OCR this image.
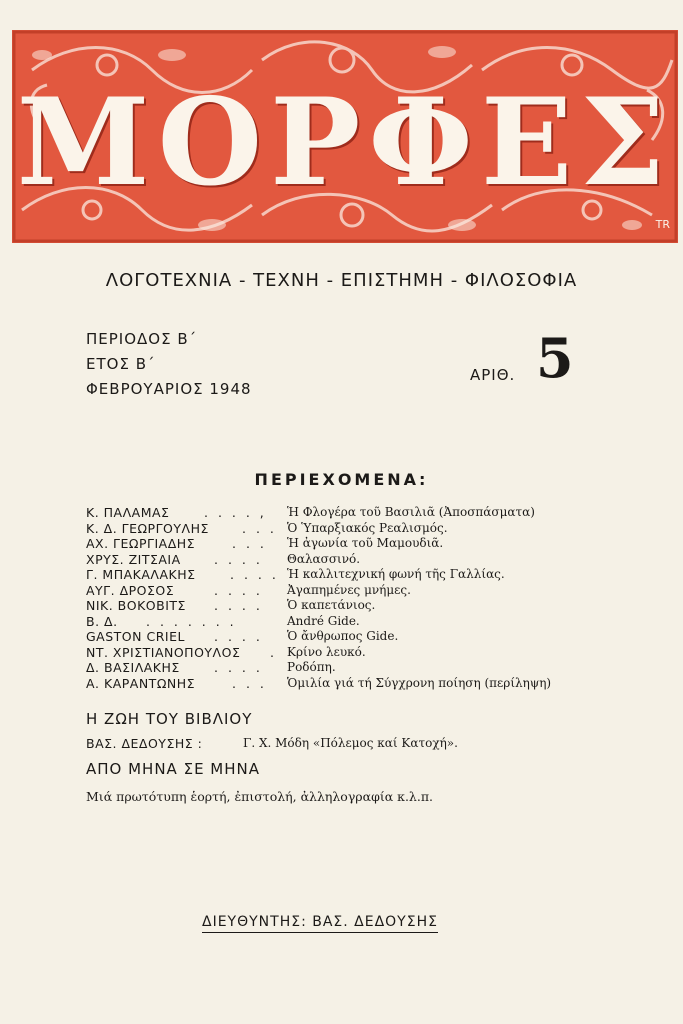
ΜΟΡΦΕΣ
TR
ΛΟΓΟΤΕΧΝΙΑ - ΤΕΧΝΗ - ΕΠΙΣΤΗΜΗ - ΦΙΛΟΣΟΦΙΑ
ΠΕΡΙΟΔΟΣ Β΄
ΕΤΟΣ Β΄
ΦΕΒΡΟΥΑΡΙΟΣ 1948
ΑΡΙΘ. 5
ΠΕΡΙΕΧΟΜΕΝΑ:
Κ. ΠΑΛΑΜΑΣ	. . . . , Ἡ Φλογέρα τοῦ Βασιλιᾶ (Ἀποσπάσματα)
Κ. Δ. ΓΕΩΡΓΟΥΛΗΣ	. . . Ὁ Ὑπαρξιακός Ρεαλισμός.
ΑΧ. ΓΕΩΡΓΙΑΔΗΣ	. . . Ἡ ἀγωνία τοῦ Μαμουδιᾶ.
ΧΡΥΣ. ΖΙΤΣΑΙΑ	. . . . Θαλασσινό.
Γ. ΜΠΑΚΑΛΑΚΗΣ	. . . . Ἡ καλλιτεχνική φωνή τῆς Γαλλίας.
ΑΥΓ. ΔΡΟΣΟΣ	. . . . Ἀγαπημένες μνήμες.
ΝΙΚ. ΒΟΚΟΒΙΤΣ . . . . Ὁ καπετάνιος.
Β. Δ. . . . . . . .	André Gide.
GASTON CRIEL . . . . Ὁ ἄνθρωπος Gide.
ΝΤ. ΧΡΙΣΤΙΑΝΟΠΟΥΛΟΣ . Κρίνο λευκό.
Δ. ΒΑΣΙΛΑΚΗΣ	. . . . Ροδόπη.
Α. ΚΑΡΑΝΤΩΝΗΣ	. . . Ὁμιλία γιά τή Σύγχρονη ποίηση (περίληψη)
Η ΖΩΗ ΤΟΥ ΒΙΒΛΙΟΥ
ΒΑΣ. ΔΕΔΟΥΣΗΣ :	Γ. Χ. Μόδη «Πόλεμος καί Κατοχή».
ΑΠΟ ΜΗΝΑ ΣΕ ΜΗΝΑ
Μιά πρωτότυπη ἑορτή, ἐπιστολή, ἀλληλογραφία κ.λ.π.
ΔΙΕΥΘΥΝΤΗΣ: ΒΑΣ. ΔΕΔΟΥΣΗΣ
